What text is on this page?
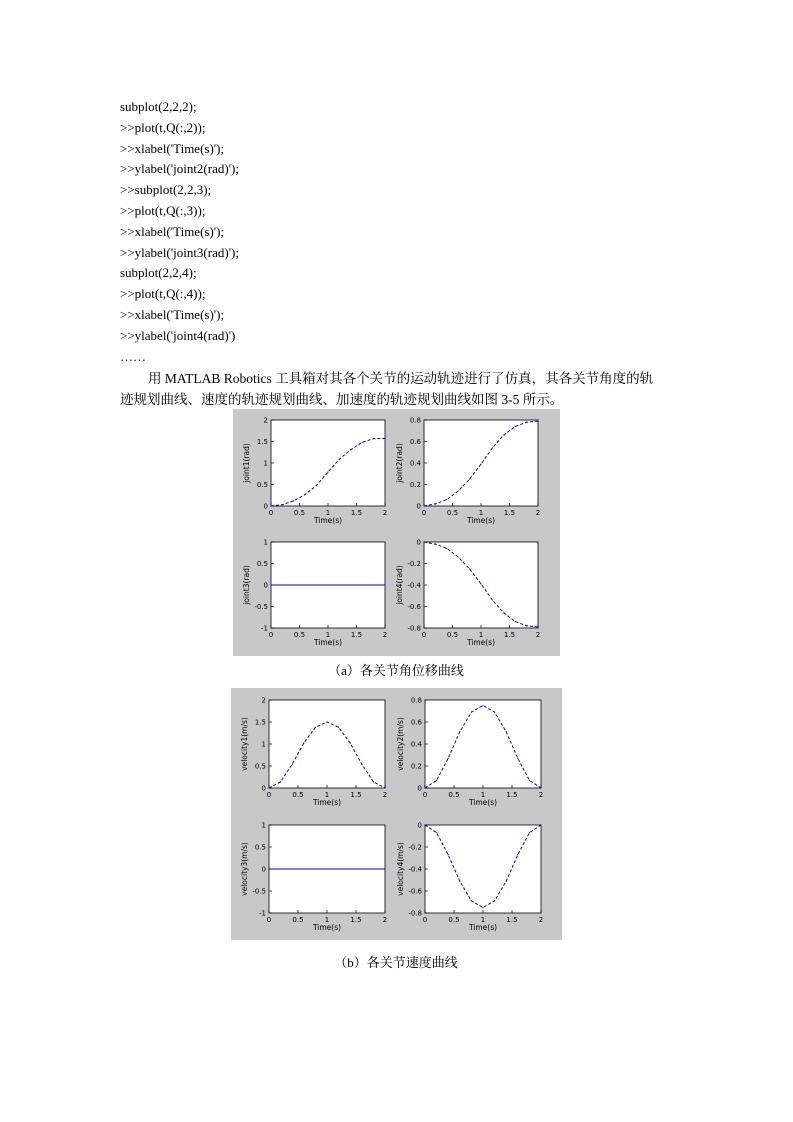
subplot(2,2,2);
>>plot(t,Q(:,2));
>>xlabel('Time(s)');
>>ylabel('joint2(rad)');
>>subplot(2,2,3);
>>plot(t,Q(:,3));
>>xlabel('Time(s)');
>>ylabel('joint3(rad)');
subplot(2,2,4);
>>plot(t,Q(:,4));
>>xlabel('Time(s)');
>>ylabel('joint4(rad)')
……
用 MATLAB Robotics 工具箱对其各个关节的运动轨迹进行了仿真，其各关节角度的轨
迹规划曲线、速度的轨迹规划曲线、加速度的轨迹规划曲线如图 3-5 所示。
0	0.5	1	1.5	2
0
0.5
1
1.5
2
Time(s)
joint1(rad)
0	0.5	1	1.5	2
0
0.2
0.4
0.6
0.8
Time(s)
joint2(rad)
0	0.5	1	1.5	2
-1
-0.5
0
0.5
1
Time(s)
joint3(rad)
0	0.5	1	1.5	2
-0.8
-0.6
-0.4
-0.2
0
Time(s)
joint4(rad)
（a）各关节角位移曲线
0	0.5	1	1.5	2
0
0.5
1
1.5
2
Time(s)
velocity1(m/s)
0	0.5	1	1.5	2
0
0.2
0.4
0.6
0.8
Time(s)
velocity2(m/s)
0	0.5	1	1.5	2
-1
-0.5
0
0.5
1
Time(s)
velocity3(m/s)
0	0.5	1	1.5	2
-0.8
-0.6
-0.4
-0.2
0
Time(s)
velocity4(m/s)
（b）各关节速度曲线
